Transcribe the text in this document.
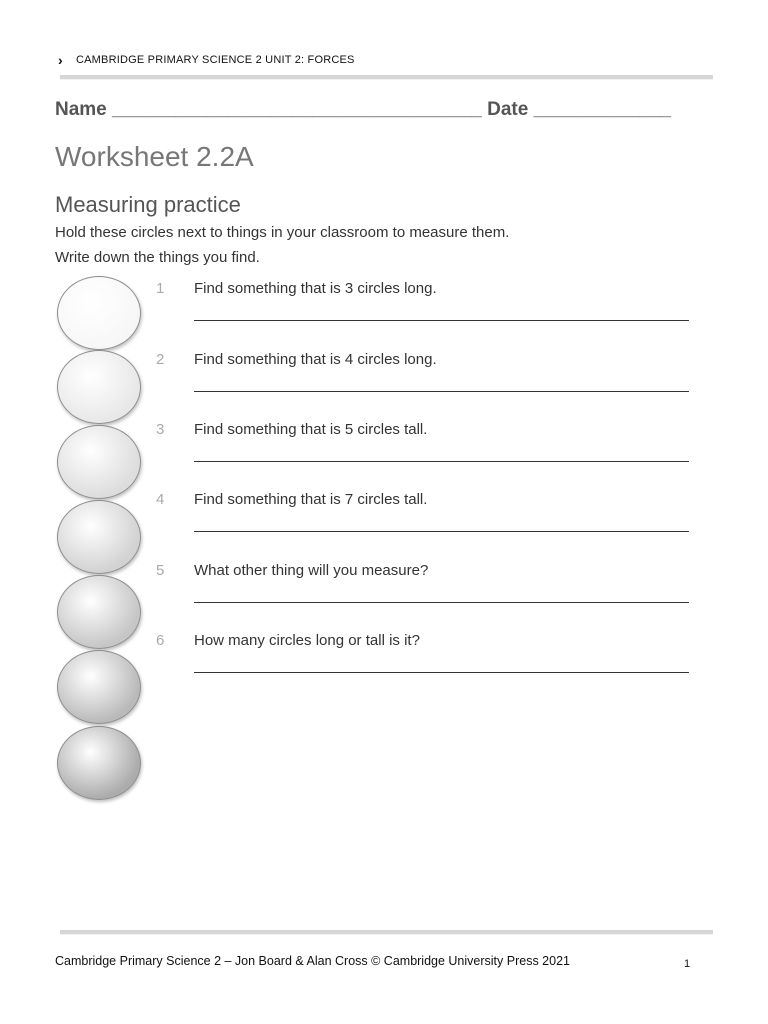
›	CAMBRIDGE PRIMARY SCIENCE 2 UNIT 2: FORCES
Name ___________________________________ Date _____________
Worksheet 2.2A
Measuring practice
Hold these circles next to things in your classroom to measure them.
Write down the things you find.
1 Find something that is 3 circles long.
2 Find something that is 4 circles long.
3 Find something that is 5 circles tall.
4 Find something that is 7 circles tall.
5 What other thing will you measure?
6 How many circles long or tall is it?
Cambridge Primary Science 2 – Jon Board & Alan Cross © Cambridge University Press 2021	1
